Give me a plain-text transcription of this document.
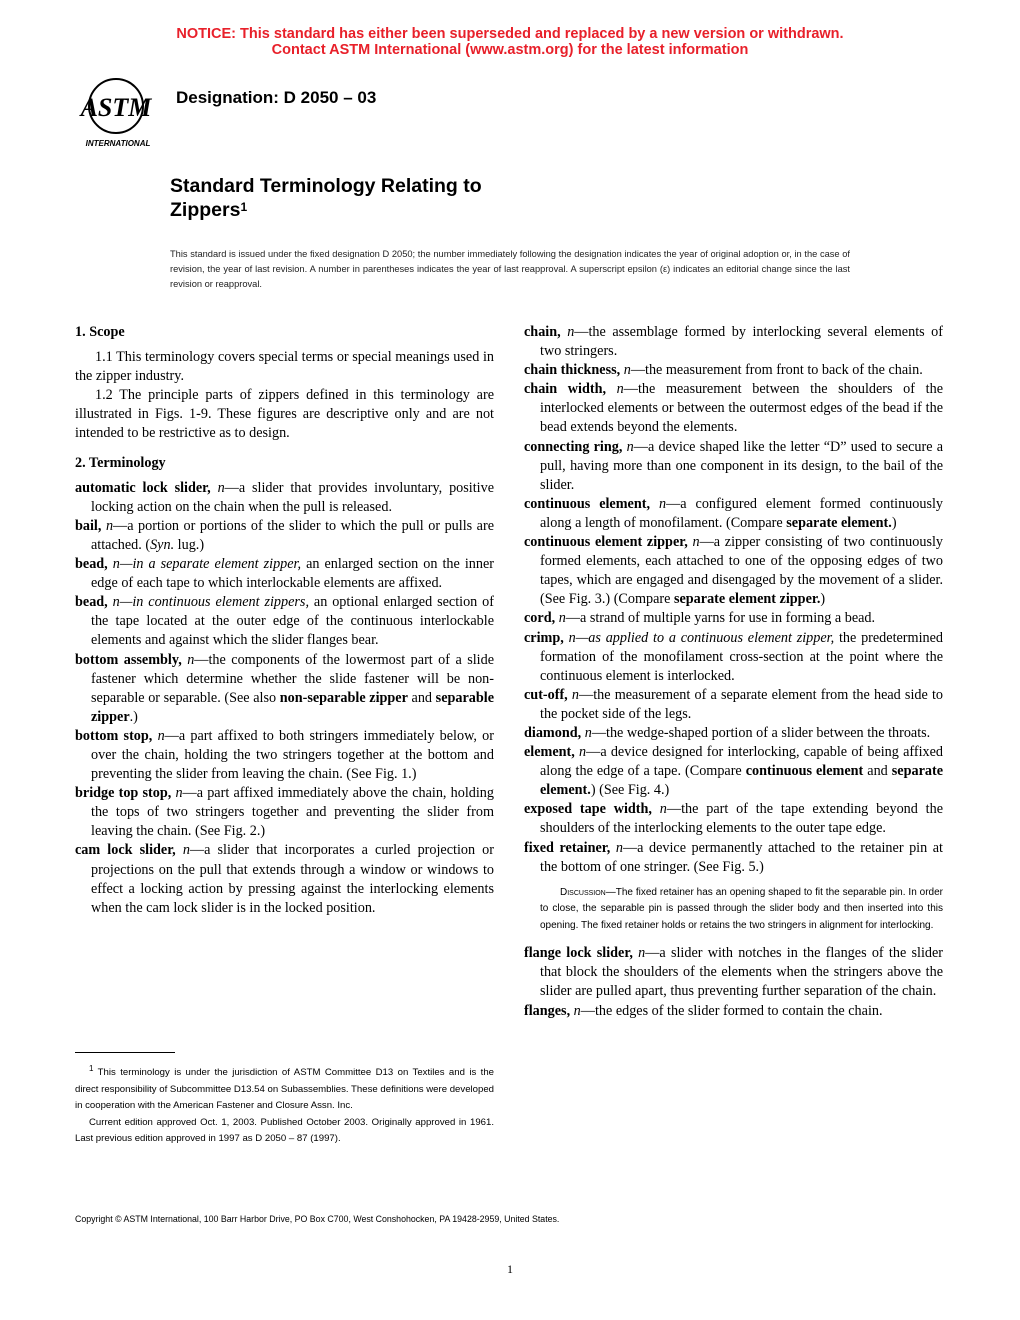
NOTICE: This standard has either been superseded and replaced by a new version or withdrawn.
Contact ASTM International (www.astm.org) for the latest information
ASTM
INTERNATIONAL
Designation: D 2050 – 03
Standard Terminology Relating to
Zippers$^1$
This standard is issued under the fixed designation D 2050; the number immediately following the designation indicates the year of original adoption or, in the case of revision, the year of last revision. A number in parentheses indicates the year of last reapproval. A superscript epsilon (ε) indicates an editorial change since the last revision or reapproval.
1. Scope

1.1 This terminology covers special terms or special meanings used in the zipper industry.

1.2 The principle parts of zippers defined in this terminology are illustrated in Figs. 1-9. These figures are descriptive only and are not intended to be restrictive as to design.

2. Terminology

automatic lock slider, n—a slider that provides involuntary, positive locking action on the chain when the pull is released.

bail, n—a portion or portions of the slider to which the pull or pulls are attached. (Syn. lug.)

bead, n—in a separate element zipper, an enlarged section on the inner edge of each tape to which interlockable elements are affixed.

bead, n—in continuous element zippers, an optional enlarged section of the tape located at the outer edge of the continuous interlockable elements and against which the slider flanges bear.

bottom assembly, n—the components of the lowermost part of a slide fastener which determine whether the slide fastener will be non-separable or separable. (See also non-separable zipper and separable zipper.)

bottom stop, n—a part affixed to both stringers immediately below, or over the chain, holding the two stringers together at the bottom and preventing the slider from leaving the chain. (See Fig. 1.)

bridge top stop, n—a part affixed immediately above the chain, holding the tops of two stringers together and preventing the slider from leaving the chain. (See Fig. 2.)

cam lock slider, n—a slider that incorporates a curled projection or projections on the pull that extends through a window or windows to effect a locking action by pressing against the interlocking elements when the cam lock slider is in the locked position.

$^1$ This terminology is under the jurisdiction of ASTM Committee D13 on Textiles and is the direct responsibility of Subcommittee D13.54 on Subassemblies. These definitions were developed in cooperation with the American Fastener and Closure Assn. Inc.

Current edition approved Oct. 1, 2003. Published October 2003. Originally approved in 1961. Last previous edition approved in 1997 as D 2050 – 87 (1997).

chain, n—the assemblage formed by interlocking several elements of two stringers.

chain thickness, n—the measurement from front to back of the chain.

chain width, n—the measurement between the shoulders of the interlocked elements or between the outermost edges of the bead if the bead extends beyond the elements.

connecting ring, n—a device shaped like the letter “D” used to secure a pull, having more than one component in its design, to the bail of the slider.

continuous element, n—a configured element formed continuously along a length of monofilament. (Compare separate element.)

continuous element zipper, n—a zipper consisting of two continuously formed elements, each attached to one of the opposing edges of two tapes, which are engaged and disengaged by the movement of a slider. (See Fig. 3.) (Compare separate element zipper.)

cord, n—a strand of multiple yarns for use in forming a bead.

crimp, n—as applied to a continuous element zipper, the predetermined formation of the monofilament cross-section at the point where the continuous element is interlocked.

cut-off, n—the measurement of a separate element from the head side to the pocket side of the legs.

diamond, n—the wedge-shaped portion of a slider between the throats.

element, n—a device designed for interlocking, capable of being affixed along the edge of a tape. (Compare continuous element and separate element.) (See Fig. 4.)

exposed tape width, n—the part of the tape extending beyond the shoulders of the interlocking elements to the outer tape edge.

fixed retainer, n—a device permanently attached to the retainer pin at the bottom of one stringer. (See Fig. 5.)

Discussion—The fixed retainer has an opening shaped to fit the separable pin. In order to close, the separable pin is passed through the slider body and then inserted into this opening. The fixed retainer holds or retains the two stringers in alignment for interlocking.

flange lock slider, n—a slider with notches in the flanges of the slider that block the shoulders of the elements when the stringers above the slider are pulled apart, thus preventing further separation of the chain.

flanges, n—the edges of the slider formed to contain the chain.

Copyright © ASTM International, 100 Barr Harbor Drive, PO Box C700, West Conshohocken, PA 19428-2959, United States.
1
